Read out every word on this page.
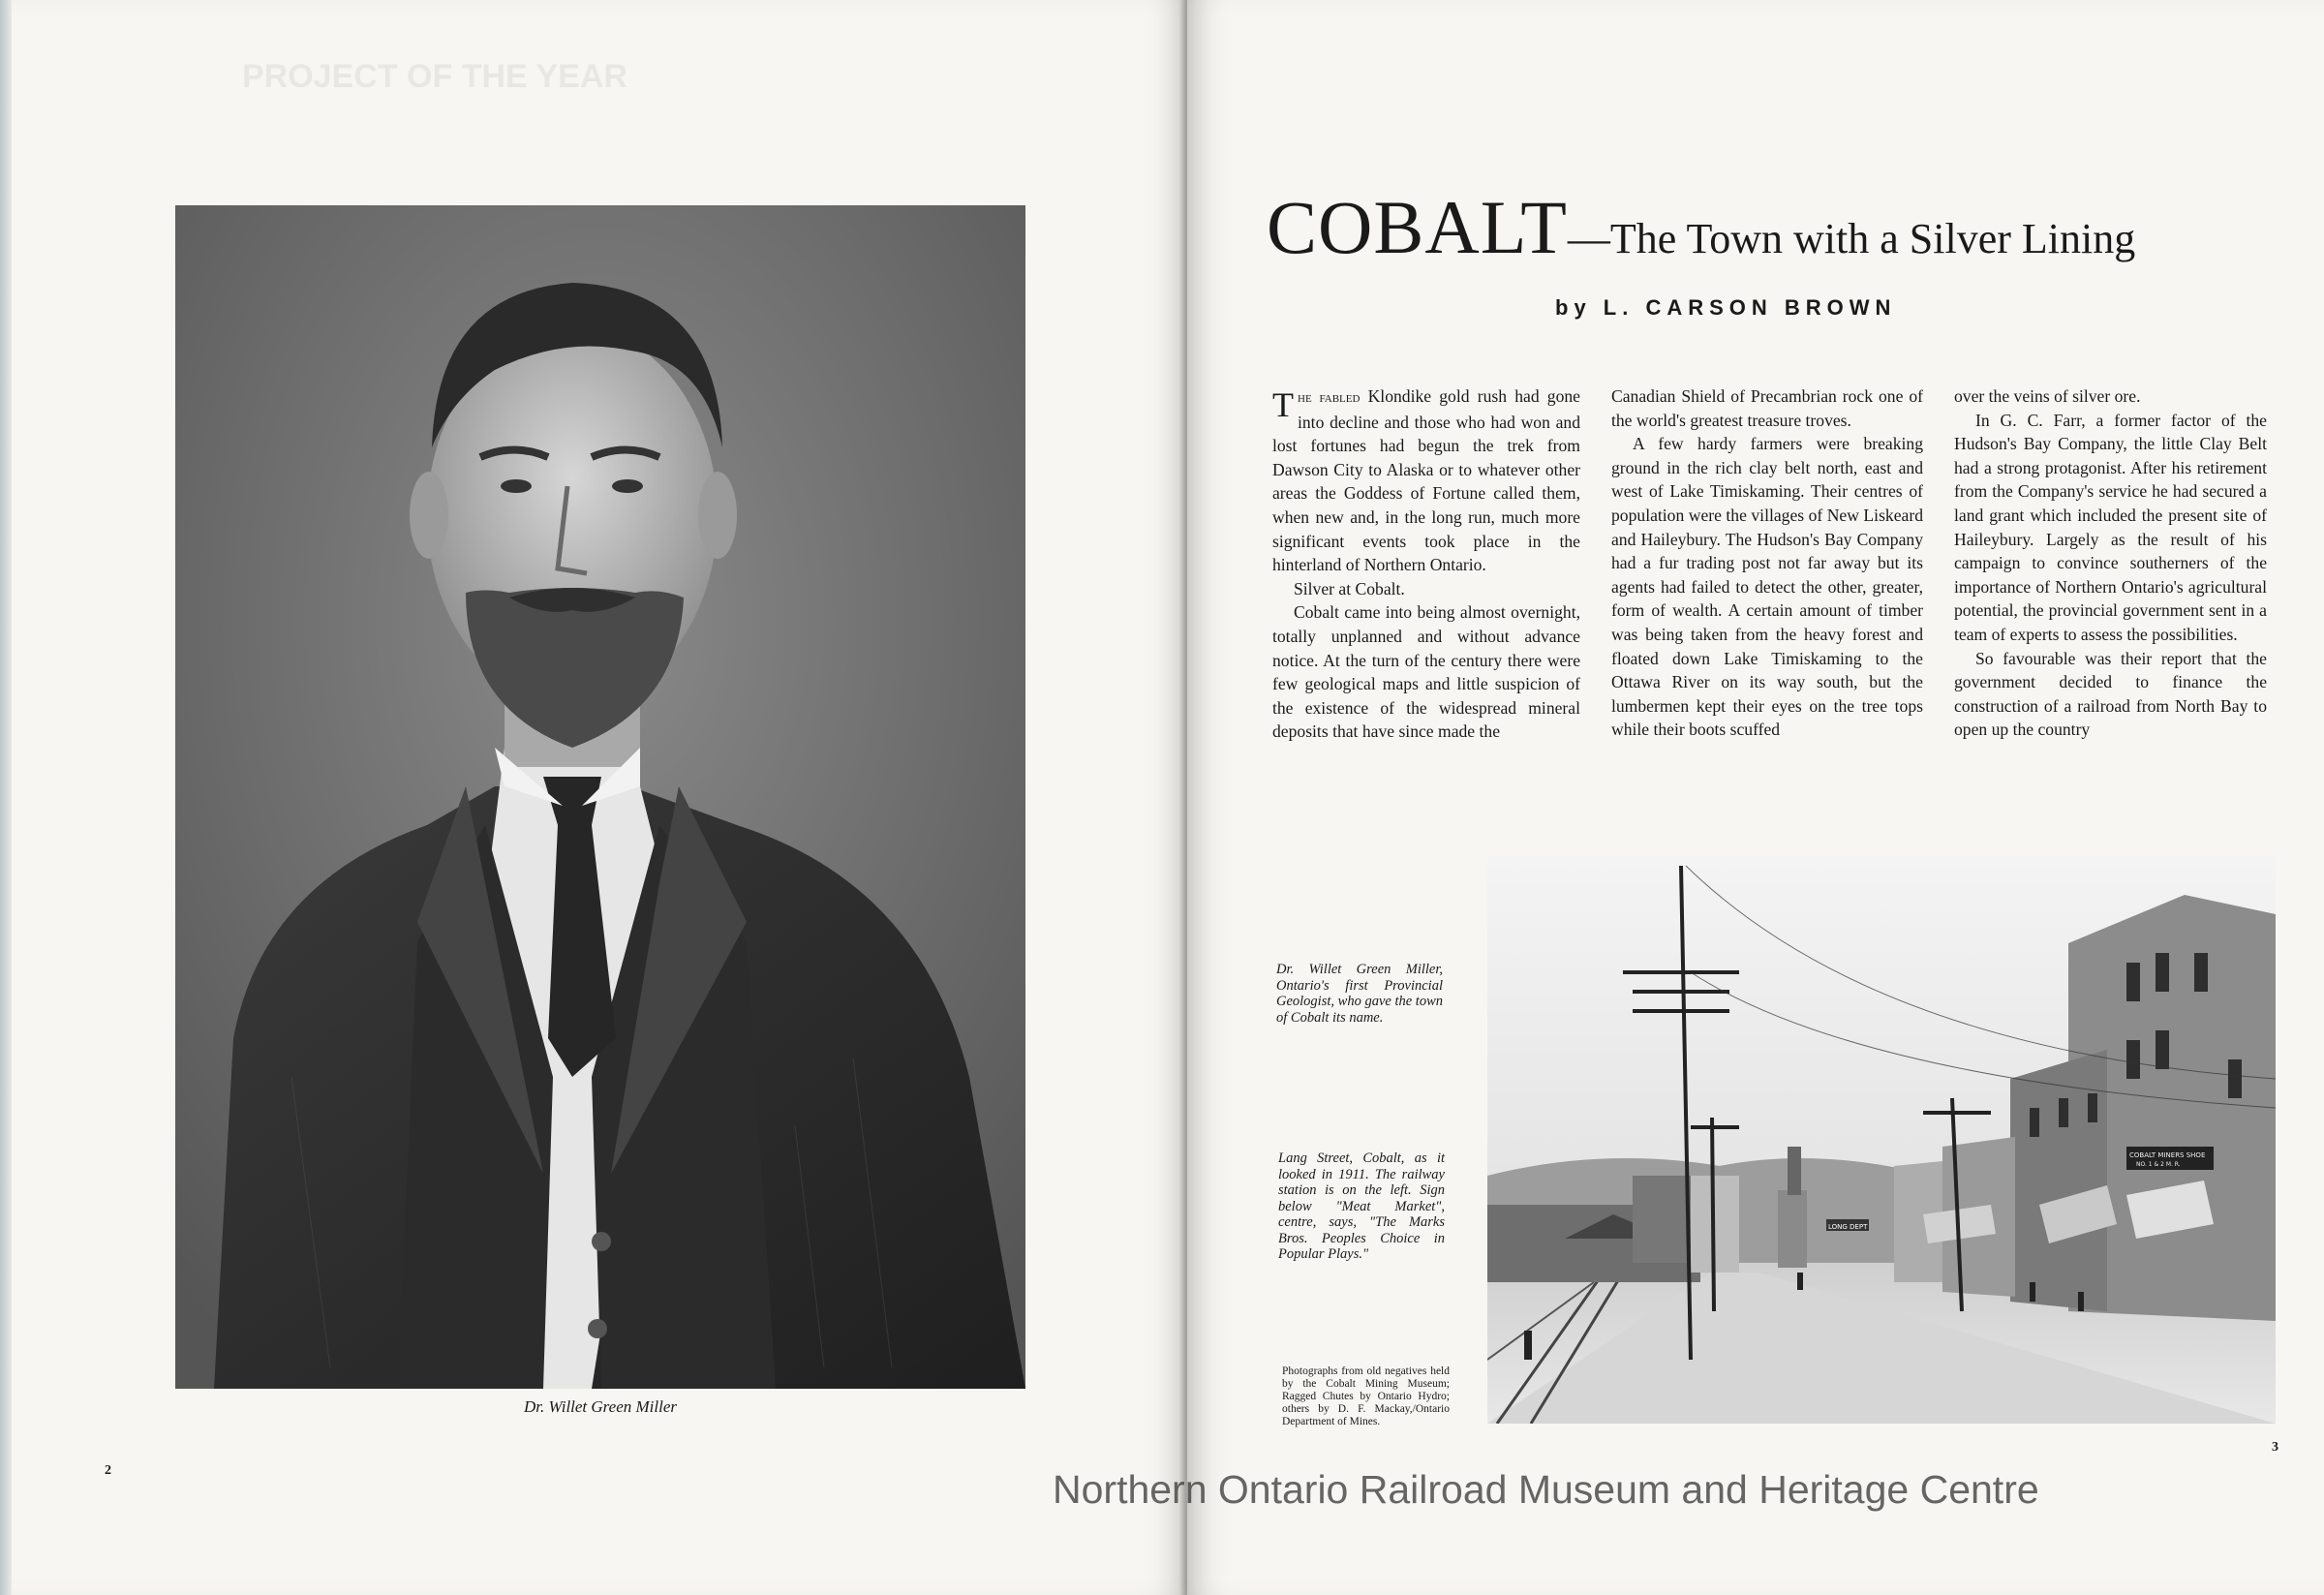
PROJECT OF THE YEAR
Dr. Willet Green Miller
2
COBALT—The Town with a Silver Lining
by L. CARSON BROWN

The fabled Klondike gold rush had gone into decline and those who had won and lost fortunes had begun the trek from Dawson City to Alaska or to whatever other areas the Goddess of Fortune called them, when new and, in the long run, much more significant events took place in the hinterland of Northern Ontario.

Silver at Cobalt.

Cobalt came into being almost overnight, totally unplanned and without advance notice. At the turn of the century there were few geological maps and little suspicion of the existence of the widespread mineral deposits that have since made the

Canadian Shield of Precambrian rock one of the world's greatest treasure troves.

A few hardy farmers were breaking ground in the rich clay belt north, east and west of Lake Timiskaming. Their centres of population were the villages of New Liskeard and Haileybury. The Hudson's Bay Company had a fur trading post not far away but its agents had failed to detect the other, greater, form of wealth. A certain amount of timber was being taken from the heavy forest and floated down Lake Timiskaming to the Ottawa River on its way south, but the lumbermen kept their eyes on the tree tops while their boots scuffed

over the veins of silver ore.

In G. C. Farr, a former factor of the Hudson's Bay Company, the little Clay Belt had a strong protagonist. After his retirement from the Company's service he had secured a land grant which included the present site of Haileybury. Largely as the result of his campaign to convince southerners of the importance of Northern Ontario's agricultural potential, the provincial government sent in a team of experts to assess the possibilities.

So favourable was their report that the government decided to finance the construction of a railroad from North Bay to open up the country

Dr. Willet Green Miller, Ontario's first Provincial Geologist, who gave the town of Cobalt its name.
Lang Street, Cobalt, as it looked in 1911. The railway station is on the left. Sign below "Meat Market", centre, says, "The Marks Bros. Peoples Choice in Popular Plays."
Photographs from old negatives held by the Cobalt Mining Museum; Ragged Chutes by Ontario Hydro; others by D. F. Mackay,/Ontario Department of Mines.
LONG DEPT
COBALT MINERS SHOE
NO. 1 & 2 M. R.
3
Northern Ontario Railroad Museum and Heritage Centre
